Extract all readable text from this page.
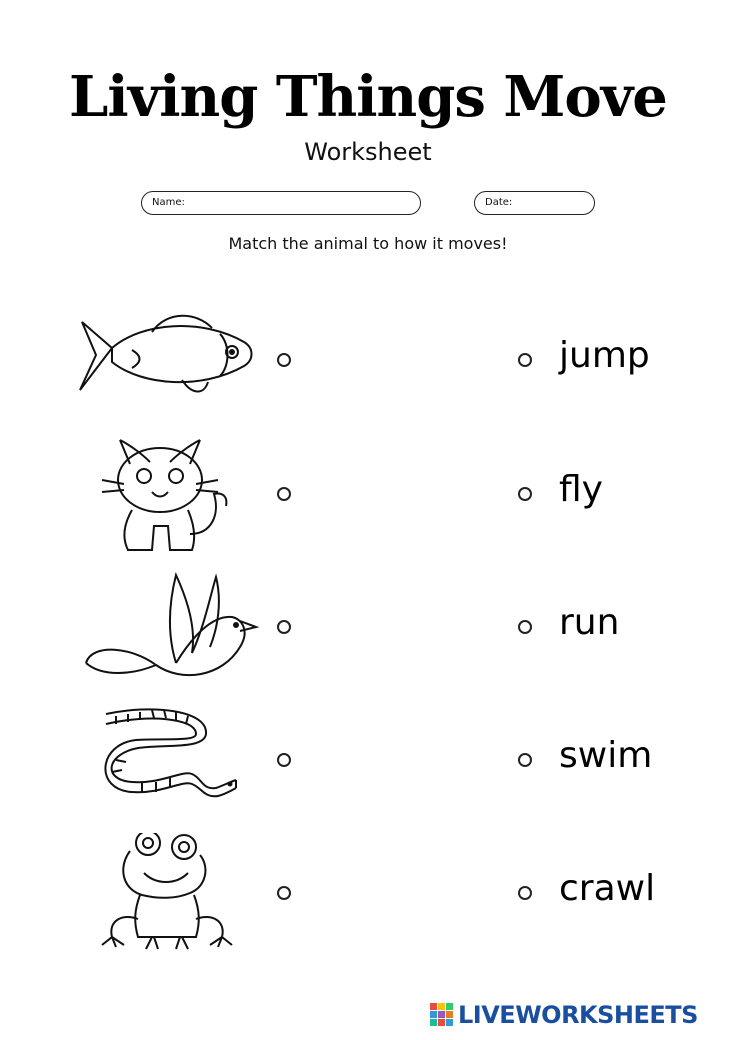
Living Things Move
Worksheet
Name:	Date:
Match the animal to how it moves!
jump
fly
run
swim
crawl
LIVEWORKSHEETS
